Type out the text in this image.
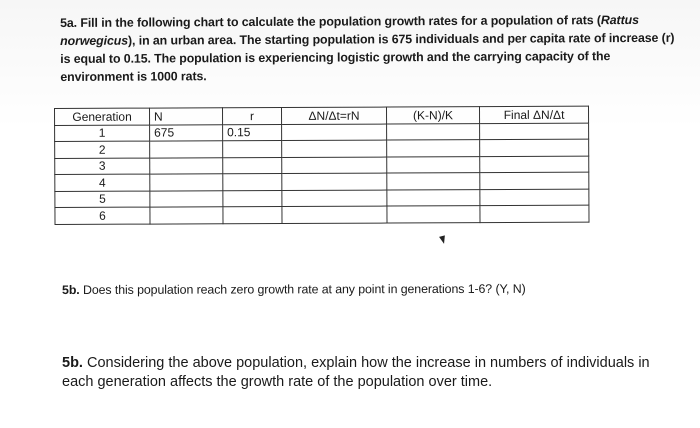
5a. Fill in the following chart to calculate the population growth rates for a population of rats (Rattus norwegicus), in an urban area. The starting population is 675 individuals and per capita rate of increase (r) is equal to 0.15. The population is experiencing logistic growth and the carrying capacity of the environment is 1000 rats.
Generation	N	r	ΔN/Δt=rN	(K-N)/K	Final ΔN/Δt
1	675	0.15			
2					
3					
4					
5					
6					
5b. Does this population reach zero growth rate at any point in generations 1-6? (Y, N)
5b. Considering the above population, explain how the increase in numbers of individuals in each generation affects the growth rate of the population over time.
